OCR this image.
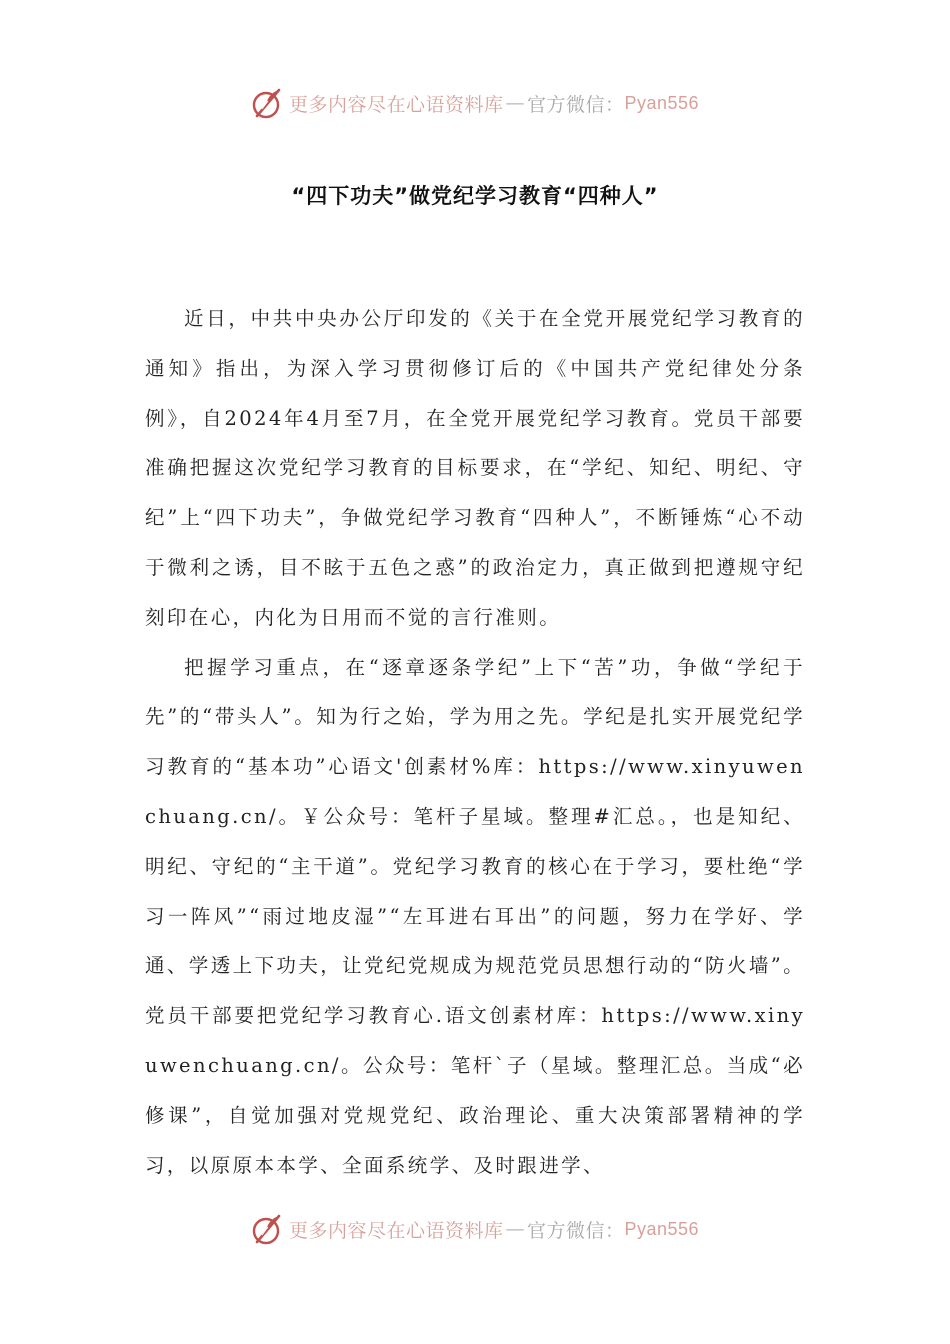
更多内容尽在心语资料库 — 官方微信： Pyan556
“四下功夫”做党纪学习教育“四种人”

近日，中共中央办公厅印发的《关于在全党开展党纪学习教育的通知》指出，为深入学习贯彻修订后的《中国共产党纪律处分条例》，自2024年4月至7月，在全党开展党纪学习教育。党员干部要准确把握这次党纪学习教育的目标要求，在“学纪、知纪、明纪、守纪”上“四下功夫”，争做党纪学习教育“四种人”，不断锤炼“心不动于微利之诱，目不眩于五色之惑”的政治定力，真正做到把遵规守纪刻印在心，内化为日用而不觉的言行准则。

把握学习重点，在“逐章逐条学纪”上下“苦”功，争做“学纪于先”的“带头人”。知为行之始，学为用之先。学纪是扎实开展党纪学习教育的“基本功”心语文'创素材%库：https://www.xinyuwenchuang.cn/。￥公众号：笔杆子星域。整理#汇总。，也是知纪、明纪、守纪的“主干道”。党纪学习教育的核心在于学习，要杜绝“学习一阵风”“雨过地皮湿”“左耳进右耳出”的问题，努力在学好、学通、学透上下功夫，让党纪党规成为规范党员思想行动的“防火墙”。党员干部要把党纪学习教育心.语文创素材库：https://www.xinyuwenchuang.cn/。公众号：笔杆`子（星域。整理汇总。当成“必修课”，自觉加强对党规党纪、政治理论、重大决策部署精神的学习，以原原本本学、全面系统学、及时跟进学、

更多内容尽在心语资料库 — 官方微信： Pyan556
